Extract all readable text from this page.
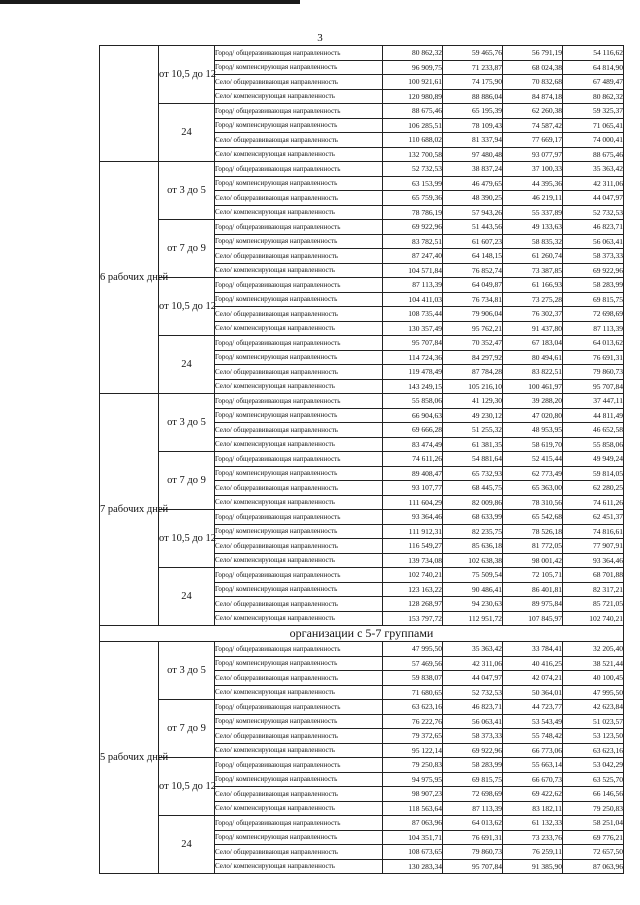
3
	от 10,5 до 12	Город/ общеразвивающая направленность	80 862,32	59 465,76	56 791,19	54 116,62
		Город/ компенсирующая направленность	96 909,75	71 233,87	68 024,38	64 814,90
		Село/ общеразвивающая направленность	100 921,61	74 175,90	70 832,68	67 489,47
		Село/ компенсирующая направленность	120 980,89	88 886,04	84 874,18	80 862,32
	24	Город/ общеразвивающая направленность	88 675,46	65 195,39	62 260,38	59 325,37
		Город/ компенсирующая направленность	106 285,51	78 109,43	74 587,42	71 065,41
		Село/ общеразвивающая направленность	110 688,02	81 337,94	77 669,17	74 000,41
		Село/ компенсирующая направленность	132 700,58	97 480,48	93 077,97	88 675,46
6 рабочих дней	от 3 до 5	Город/ общеразвивающая направленность	52 732,53	38 837,24	37 100,33	35 363,42
		Город/ компенсирующая направленность	63 153,99	46 479,65	44 395,36	42 311,06
		Село/ общеразвивающая направленность	65 759,36	48 390,25	46 219,11	44 047,97
		Село/ компенсирующая направленность	78 786,19	57 943,26	55 337,89	52 732,53
	от 7 до 9	Город/ общеразвивающая направленность	69 922,96	51 443,56	49 133,63	46 823,71
		Город/ компенсирующая направленность	83 782,51	61 607,23	58 835,32	56 063,41
		Село/ общеразвивающая направленность	87 247,40	64 148,15	61 260,74	58 373,33
		Село/ компенсирующая направленность	104 571,84	76 852,74	73 387,85	69 922,96
	от 10,5 до 12	Город/ общеразвивающая направленность	87 113,39	64 049,87	61 166,93	58 283,99
		Город/ компенсирующая направленность	104 411,03	76 734,81	73 275,28	69 815,75
		Село/ общеразвивающая направленность	108 735,44	79 906,04	76 302,37	72 698,69
		Село/ компенсирующая направленность	130 357,49	95 762,21	91 437,80	87 113,39
	24	Город/ общеразвивающая направленность	95 707,84	70 352,47	67 183,04	64 013,62
		Город/ компенсирующая направленность	114 724,36	84 297,92	80 494,61	76 691,31
		Село/ общеразвивающая направленность	119 478,49	87 784,28	83 822,51	79 860,73
		Село/ компенсирующая направленность	143 249,15	105 216,10	100 461,97	95 707,84
7 рабочих дней	от 3 до 5	Город/ общеразвивающая направленность	55 858,06	41 129,30	39 288,20	37 447,11
		Город/ компенсирующая направленность	66 904,63	49 230,12	47 020,80	44 811,49
		Село/ общеразвивающая направленность	69 666,28	51 255,32	48 953,95	46 652,58
		Село/ компенсирующая направленность	83 474,49	61 381,35	58 619,70	55 858,06
	от 7 до 9	Город/ общеразвивающая направленность	74 611,26	54 881,64	52 415,44	49 949,24
		Город/ компенсирующая направленность	89 408,47	65 732,93	62 773,49	59 814,05
		Село/ общеразвивающая направленность	93 107,77	68 445,75	65 363,00	62 280,25
		Село/ компенсирующая направленность	111 604,29	82 009,86	78 310,56	74 611,26
	от 10,5 до 12	Город/ общеразвивающая направленность	93 364,46	68 633,99	65 542,68	62 451,37
		Город/ компенсирующая направленность	111 912,31	82 235,75	78 526,18	74 816,61
		Село/ общеразвивающая направленность	116 549,27	85 636,18	81 772,05	77 907,91
		Село/ компенсирующая направленность	139 734,08	102 638,38	98 001,42	93 364,46
	24	Город/ общеразвивающая направленность	102 740,21	75 509,54	72 105,71	68 701,88
		Город/ компенсирующая направленность	123 163,22	90 486,41	86 401,81	82 317,21
		Село/ общеразвивающая направленность	128 268,97	94 230,63	89 975,84	85 721,05
		Село/ компенсирующая направленность	153 797,72	112 951,72	107 845,97	102 740,21
организации с 5-7 группами						
5 рабочих дней	от 3 до 5	Город/ общеразвивающая направленность	47 995,50	35 363,42	33 784,41	32 205,40
		Город/ компенсирующая направленность	57 469,56	42 311,06	40 416,25	38 521,44
		Село/ общеразвивающая направленность	59 838,07	44 047,97	42 074,21	40 100,45
		Село/ компенсирующая направленность	71 680,65	52 732,53	50 364,01	47 995,50
	от 7 до 9	Город/ общеразвивающая направленность	63 623,16	46 823,71	44 723,77	42 623,84
		Город/ компенсирующая направленность	76 222,76	56 063,41	53 543,49	51 023,57
		Село/ общеразвивающая направленность	79 372,65	58 373,33	55 748,42	53 123,50
		Село/ компенсирующая направленность	95 122,14	69 922,96	66 773,06	63 623,16
	от 10,5 до 12	Город/ общеразвивающая направленность	79 250,83	58 283,99	55 663,14	53 042,29
		Город/ компенсирующая направленность	94 975,95	69 815,75	66 670,73	63 525,70
		Село/ общеразвивающая направленность	98 907,23	72 698,69	69 422,62	66 146,56
		Село/ компенсирующая направленность	118 563,64	87 113,39	83 182,11	79 250,83
	24	Город/ общеразвивающая направленность	87 063,96	64 013,62	61 132,33	58 251,04
		Город/ компенсирующая направленность	104 351,71	76 691,31	73 233,76	69 776,21
		Село/ общеразвивающая направленность	108 673,65	79 860,73	76 259,11	72 657,50
		Село/ компенсирующая направленность	130 283,34	95 707,84	91 385,90	87 063,96
